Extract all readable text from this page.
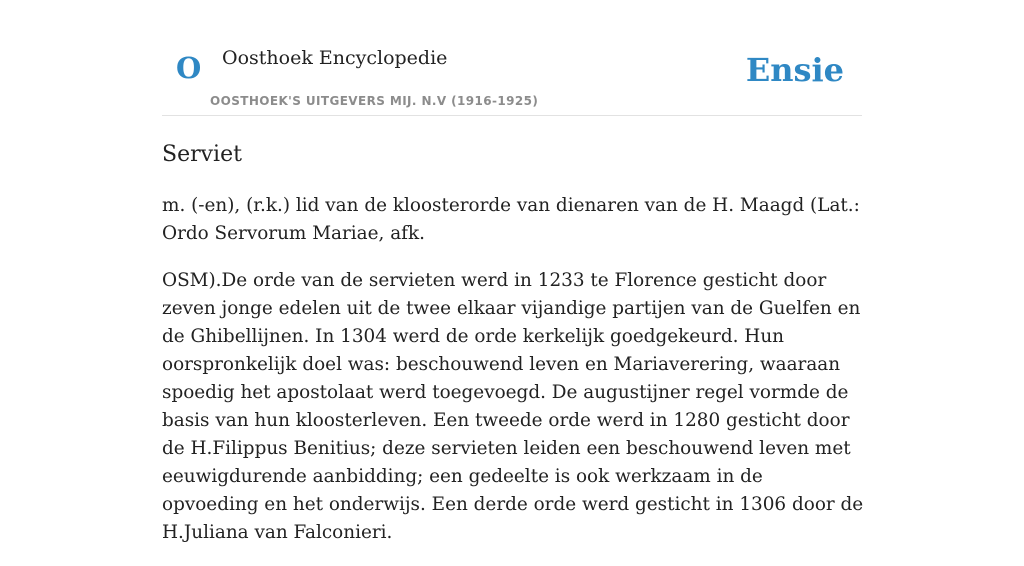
O Oosthoek Encyclopedie
OOSTHOEK'S UITGEVERS MIJ. N.V (1916-1925)
Ensie
Serviet

m. (-en), (r.k.) lid van de kloosterorde van dienaren van de H. Maagd (Lat.: Ordo Servorum Mariae, afk.

OSM).De orde van de servieten werd in 1233 te Florence gesticht door zeven jonge edelen uit de twee elkaar vijandige partijen van de Guelfen en de Ghibellijnen. In 1304 werd de orde kerkelijk goedgekeurd. Hun oorspronkelijk doel was: beschouwend leven en Mariaverering, waaraan spoedig het apostolaat werd toegevoegd. De augustijner regel vormde de basis van hun kloosterleven. Een tweede orde werd in 1280 gesticht door de H.Filippus Benitius; deze servieten leiden een beschouwend leven met eeuwigdurende aanbidding; een gedeelte is ook werkzaam in de opvoeding en het onderwijs. Een derde orde werd gesticht in 1306 door de H.Juliana van Falconieri.
